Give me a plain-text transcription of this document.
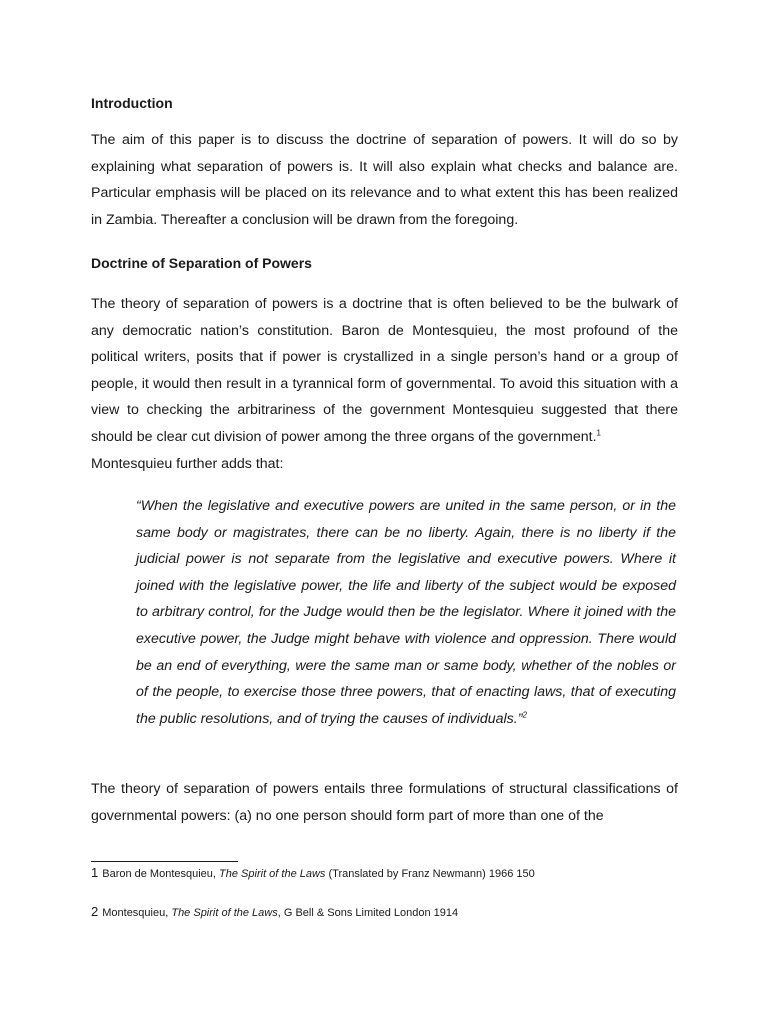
Introduction

The aim of this paper is to discuss the doctrine of separation of powers. It will do so by explaining what separation of powers is. It will also explain what checks and balance are. Particular emphasis will be placed on its relevance and to what extent this has been realized in Zambia. Thereafter a conclusion will be drawn from the foregoing.

Doctrine of Separation of Powers

The theory of separation of powers is a doctrine that is often believed to be the bulwark of any democratic nation’s constitution. Baron de Montesquieu, the most profound of the political writers, posits that if power is crystallized in a single person’s hand or a group of people, it would then result in a tyrannical form of governmental. To avoid this situation with a view to checking the arbitrariness of the government Montesquieu suggested that there should be clear cut division of power among the three organs of the government.$^1$
Montesquieu further adds that:

“When the legislative and executive powers are united in the same person, or in the same body or magistrates, there can be no liberty. Again, there is no liberty if the judicial power is not separate from the legislative and executive powers. Where it joined with the legislative power, the life and liberty of the subject would be exposed to arbitrary control, for the Judge would then be the legislator. Where it joined with the executive power, the Judge might behave with violence and oppression. There would be an end of everything, were the same man or same body, whether of the nobles or of the people, to exercise those three powers, that of enacting laws, that of executing the public resolutions, and of trying the causes of individuals.”$^2$

The theory of separation of powers entails three formulations of structural classifications of governmental powers: (a) no one person should form part of more than one of the

1 Baron de Montesquieu, The Spirit of the Laws (Translated by Franz Newmann) 1966 150

2 Montesquieu, The Spirit of the Laws, G Bell & Sons Limited London 1914
